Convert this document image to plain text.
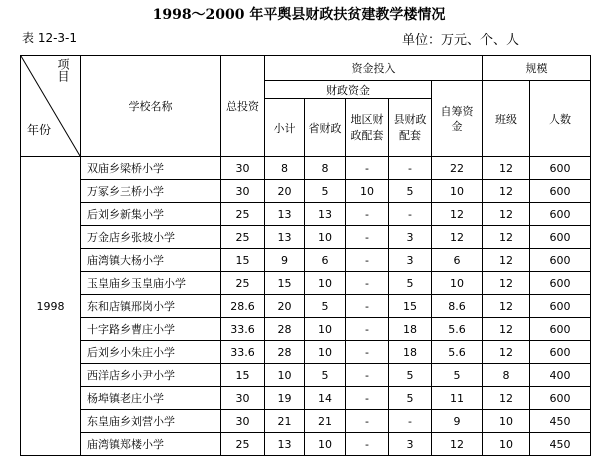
1998～2000 年平舆县财政扶贫建教学楼情况
表 12-3-1	单位：万元、个、人
项目
年份	学校名称	总投资	资金投入					规模	
			财政资金				自筹资金	班级	人数
			小计	省财政	地区财政配套	县财政配套			
1998	双庙乡梁桥小学	30	8	8	-	-	22	12	600
	万冢乡三桥小学	30	20	5	10	5	10	12	600
	后刘乡新集小学	25	13	13	-	-	12	12	600
	万金店乡张坡小学	25	13	10	-	3	12	12	600
	庙湾镇大杨小学	15	9	6	-	3	6	12	600
	玉皇庙乡玉皇庙小学	25	15	10	-	5	10	12	600
	东和店镇邢岗小学	28.6	20	5	-	15	8.6	12	600
	十字路乡曹庄小学	33.6	28	10	-	18	5.6	12	600
	后刘乡小朱庄小学	33.6	28	10	-	18	5.6	12	600
	西洋店乡小尹小学	15	10	5	-	5	5	8	400
	杨埠镇老庄小学	30	19	14	-	5	11	12	600
	东皇庙乡刘营小学	30	21	21	-	-	9	10	450
	庙湾镇郑楼小学	25	13	10	-	3	12	10	450
